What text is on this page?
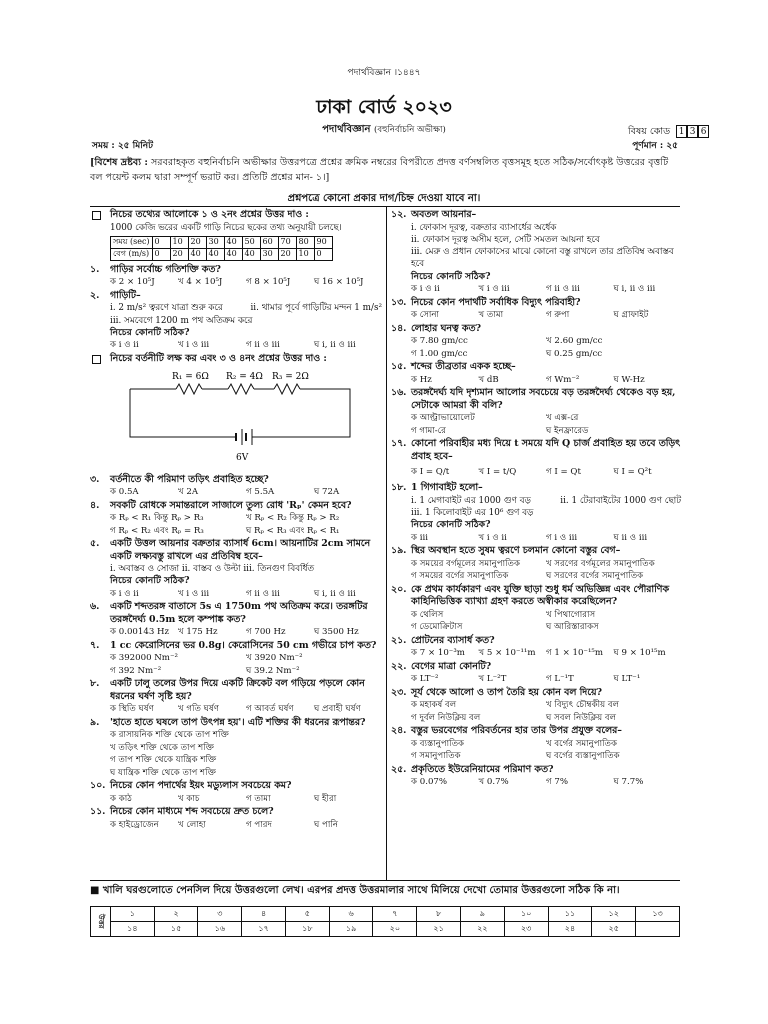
পদার্থবিজ্ঞান ।১৪৪৭
ঢাকা বোর্ড ২০২৩
পদার্থবিজ্ঞান (বহুনির্বাচনি অভীক্ষা)	বিষয় কোড 1 3 6
সময় : ২৫ মিনিট	পূর্ণমান : ২৫
[বিশেষ দ্রষ্টব্য : সরবরাহকৃত বহুনির্বাচনি অভীক্ষার উত্তরপত্রে প্রশ্নের ক্রমিক নম্বরের বিপরীতে প্রদত্ত বর্ণসম্বলিত বৃত্তসমূহ হতে সঠিক/সর্বোৎকৃষ্ট উত্তরের বৃত্তটি বল পয়েন্ট কলম দ্বারা সম্পূর্ণ ভরাট কর। প্রতিটি প্রশ্নের মান- ১।]
প্রশ্নপত্রে কোনো প্রকার দাগ/চিহ্ন দেওয়া যাবে না।
নিচের তথ্যের আলোকে ১ ও ২নং প্রশ্নের উত্তর দাও :
1000 কেজি ভরের একটি গাড়ি নিচের ছকের তথ্য অনুযায়ী চলছে।
সময় (sec)	0	10	20	30	40	50	60	70	80	90
বেগ (m/s)	0	20	40	40	40	40	30	20	10	0
১.	গাড়ির সর্বোচ্চ গতিশক্তি কত?
ক 2 × 10⁵J	খ 4 × 10⁵J	গ 8 × 10⁵J	ঘ 16 × 10⁵J
২.	গাড়িটি–
i. 2 m/s² ত্বরণে যাত্রা শুরু করে	ii. থামার পূর্বে গাড়িটির মন্দন 1 m/s²
iii. সমবেগে 1200 m পথ অতিক্রম করে
নিচের কোনটি সঠিক?
ক i ও ii	খ i ও iii	গ ii ও iii	ঘ i, ii ও iii
নিচের বর্তনীটি লক্ষ কর এবং ৩ ও ৪নং প্রশ্নের উত্তর দাও :
R₁ = 6Ω R₂ = 4Ω R₃ = 2Ω
6V
৩.	বর্তনীতে কী পরিমাণ তড়িৎ প্রবাহিত হচ্ছে?
ক 0.5A	খ 2A	গ 5.5A	ঘ 72A
৪.	সবকটি রোধকে সমান্তরালে সাজালে তুল্য রোধ 'Rₚ' কেমন হবে?
ক Rₚ < R₁ কিন্তু Rₚ > R₃	খ Rₚ < R₂ কিন্তু Rₚ > R₂
গ Rₚ < R₂ এবং Rₚ = R₃	ঘ Rₚ < R₃ এবং Rₚ < R₁
৫.	একটি উত্তল আয়নার বক্রতার ব্যাসার্ধ 6cm। আয়নাটির 2cm সামনে একটি লক্ষ্যবস্তু রাখলে এর প্রতিবিম্ব হবে–
i. অবাস্তব ও সোজা ii. বাস্তব ও উল্টা iii. তিনগুণ বিবর্ধিত
নিচের কোনটি সঠিক?
ক i ও ii	খ i ও iii	গ ii ও iii	ঘ i, ii ও iii
৬.	একটি শব্দতরঙ্গ বাতাসে 5s এ 1750m পথ অতিক্রম করে। তরঙ্গটির তরঙ্গদৈর্ঘ্য 0.5m হলে কম্পাঙ্ক কত?
ক 0.00143 Hz	খ 175 Hz	গ 700 Hz	ঘ 3500 Hz
৭.	1 cc কেরোসিনের ভর 0.8g। কেরোসিনের 50 cm গভীরে চাপ কত?
ক 392000 Nm⁻²	খ 3920 Nm⁻²
গ 392 Nm⁻²	ঘ 39.2 Nm⁻²
৮.	একটি ঢালু তলের উপর দিয়ে একটি ক্রিকেট বল গড়িয়ে পড়লে কোন ধরনের ঘর্ষণ সৃষ্টি হয়?
ক স্থিতি ঘর্ষণ	খ গতি ঘর্ষণ	গ আবর্ত ঘর্ষণ	ঘ প্রবাহী ঘর্ষণ
৯.	'হাতে হাতে ঘষলে তাপ উৎপন্ন হয়'। এটি শক্তির কী ধরনের রূপান্তর?
ক রাসায়নিক শক্তি থেকে তাপ শক্তি
খ তড়িৎ শক্তি থেকে তাপ শক্তি
গ তাপ শক্তি থেকে যান্ত্রিক শক্তি
ঘ যান্ত্রিক শক্তি থেকে তাপ শক্তি
১০. নিচের কোন পদার্থের ইয়ং মড্যুলাস সবচেয়ে কম?
ক কাঠ	খ কাচ	গ তামা	ঘ হীরা
১১. নিচের কোন মাধ্যমে শব্দ সবচেয়ে দ্রুত চলে?
ক হাইড্রোজেন	খ লোহা	গ পারদ	ঘ পানি
১২. অবতল আয়নার–
i. ফোকাস দূরত্ব, বক্রতার ব্যাসার্ধের অর্ধেক
ii. ফোকাস দূরত্ব অসীম হলে, সেটি সমতল আয়না হবে
iii. মেরু ও প্রধান ফোকাসের মাঝে কোনো বস্তু রাখলে তার প্রতিবিম্ব অবাস্তব হবে
নিচের কোনটি সঠিক?
ক i ও ii	খ i ও iii	গ ii ও iii	ঘ i, ii ও iii
১৩. নিচের কোন পদার্থটি সর্বাধিক বিদ্যুৎ পরিবাহী?
ক সোনা	খ তামা	গ রুপা	ঘ গ্রাফাইট
১৪. লোহার ঘনত্ব কত?
ক 7.80 gm/cc	খ 2.60 gm/cc
গ 1.00 gm/cc	ঘ 0.25 gm/cc
১৫. শব্দের তীব্রতার একক হচ্ছে–
ক Hz	খ dB	গ Wm⁻²	ঘ W-Hz
১৬. তরঙ্গদৈর্ঘ্য যদি দৃশ্যমান আলোর সবচেয়ে বড় তরঙ্গদৈর্ঘ্য থেকেও বড় হয়, সেটাকে আমরা কী বলি?
ক আল্ট্রাভায়োলেট	খ এক্স-রে
গ গামা-রে	ঘ ইনফ্রারেড
১৭. কোনো পরিবাহীর মধ্য দিয়ে t সময়ে যদি Q চার্জ প্রবাহিত হয় তবে তড়িৎ প্রবাহ হবে–
ক I = Q/t	খ I = t/Q	গ I = Qt	ঘ I = Q²t
১৮. 1 গিগাবাইট হলো–
i. 1 মেগাবাইট এর 1000 গুণ বড়	ii. 1 টেরাবাইটের 1000 গুণ ছোট
iii. 1 কিলোবাইট এর 10⁶ গুণ বড়
নিচের কোনটি সঠিক?
ক iii	খ i ও ii	গ i ও iii	ঘ ii ও iii
১৯. স্থির অবস্থান হতে সুষম ত্বরণে চলমান কোনো বস্তুর বেগ–
ক সময়ের বর্গমূলের সমানুপাতিক	খ সরণের বর্গমূলের সমানুপাতিক
গ সময়ের বর্গের সমানুপাতিক	ঘ সরণের বর্গের সমানুপাতিক
২০. কে প্রথম কার্যকারণ এবং যুক্তি ছাড়া শুধু ধর্ম অভিজ্ঞিন্ন এবং পৌরাণিক কাহিনিভিত্তিক ব্যাখ্যা গ্রহণ করতে অস্বীকার করেছিলেন?
ক থেলিস	খ পিথাগোরাস
গ ডেমোক্রিটাস	ঘ আরিস্তারাকস
২১. প্রোটনের ব্যাসার্ধ কত?
ক 7 × 10⁻³m	খ 5 × 10⁻¹¹m	গ 1 × 10⁻¹⁵m	ঘ 9 × 10¹⁵m
২২. বেগের মাত্রা কোনটি?
ক LT⁻²	খ L⁻²T	গ L⁻¹T	ঘ LT⁻¹
২৩. সূর্য থেকে আলো ও তাপ তৈরি হয় কোন বল দিয়ে?
ক মহাকর্ষ বল	খ বিদ্যুৎ চৌম্বকীয় বল
গ দুর্বল নিউক্লিয় বল	ঘ সবল নিউক্লিয় বল
২৪. বস্তুর ভরবেগের পরিবর্তনের হার তার উপর প্রযুক্ত বলের–
ক ব্যস্তানুপাতিক	খ বর্গের সমানুপাতিক
গ সমানুপাতিক	ঘ বর্গের ব্যস্তানুপাতিক
২৫. প্রকৃতিতে ইউরেনিয়ামের পরিমাণ কত?
ক 0.07%	খ 0.7%	গ 7%	ঘ 7.7%
■ খালি ঘরগুলোতে পেনসিল দিয়ে উত্তরগুলো লেখ। এরপর প্রদত্ত উত্তরমালার সাথে মিলিয়ে দেখো তোমার উত্তরগুলো সঠিক কি না।
উত্তর	১	২	৩	৪	৫	৬	৭	৮	৯	১০	১১	১২	১৩
	১৪	১৫	১৬	১৭	১৮	১৯	২০	২১	২২	২৩	২৪	২৫	
